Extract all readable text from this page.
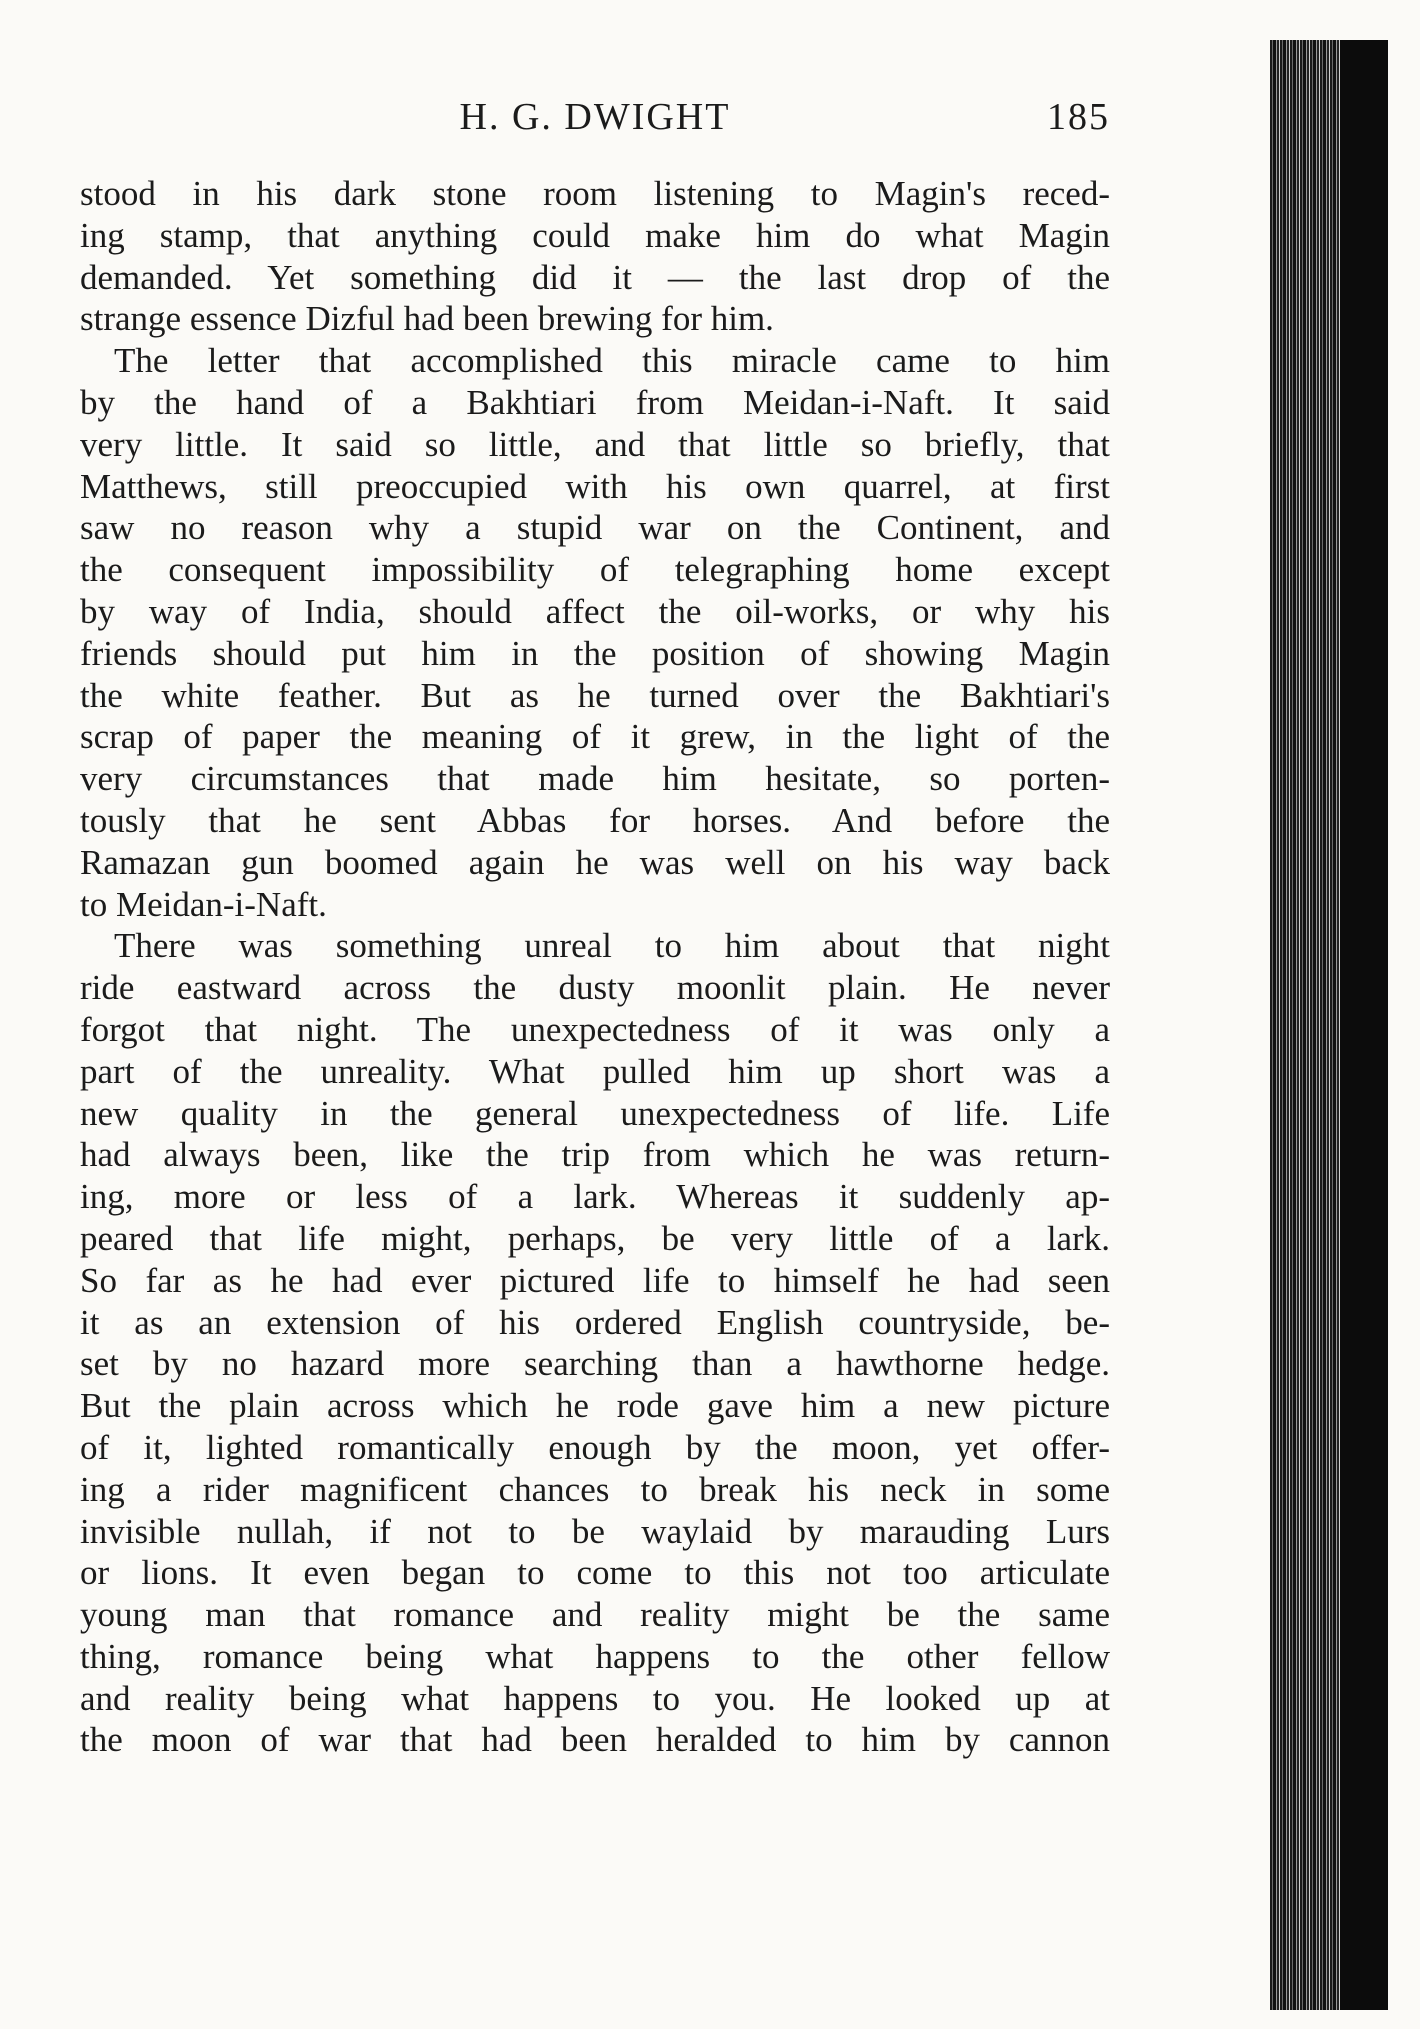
H. G. DWIGHT	185
stood in his dark stone room listening to Magin's reced-
ing stamp, that anything could make him do what Magin
demanded. Yet something did it — the last drop of the
strange essence Dizful had been brewing for him.
The letter that accomplished this miracle came to him
by the hand of a Bakhtiari from Meidan-i-Naft. It said
very little. It said so little, and that little so briefly, that
Matthews, still preoccupied with his own quarrel, at first
saw no reason why a stupid war on the Continent, and
the consequent impossibility of telegraphing home except
by way of India, should affect the oil-works, or why his
friends should put him in the position of showing Magin
the white feather. But as he turned over the Bakhtiari's
scrap of paper the meaning of it grew, in the light of the
very circumstances that made him hesitate, so porten-
tously that he sent Abbas for horses. And before the
Ramazan gun boomed again he was well on his way back
to Meidan-i-Naft.
There was something unreal to him about that night
ride eastward across the dusty moonlit plain. He never
forgot that night. The unexpectedness of it was only a
part of the unreality. What pulled him up short was a
new quality in the general unexpectedness of life. Life
had always been, like the trip from which he was return-
ing, more or less of a lark. Whereas it suddenly ap-
peared that life might, perhaps, be very little of a lark.
So far as he had ever pictured life to himself he had seen
it as an extension of his ordered English countryside, be-
set by no hazard more searching than a hawthorne hedge.
But the plain across which he rode gave him a new picture
of it, lighted romantically enough by the moon, yet offer-
ing a rider magnificent chances to break his neck in some
invisible nullah, if not to be waylaid by marauding Lurs
or lions. It even began to come to this not too articulate
young man that romance and reality might be the same
thing, romance being what happens to the other fellow
and reality being what happens to you. He looked up at
the moon of war that had been heralded to him by cannon
